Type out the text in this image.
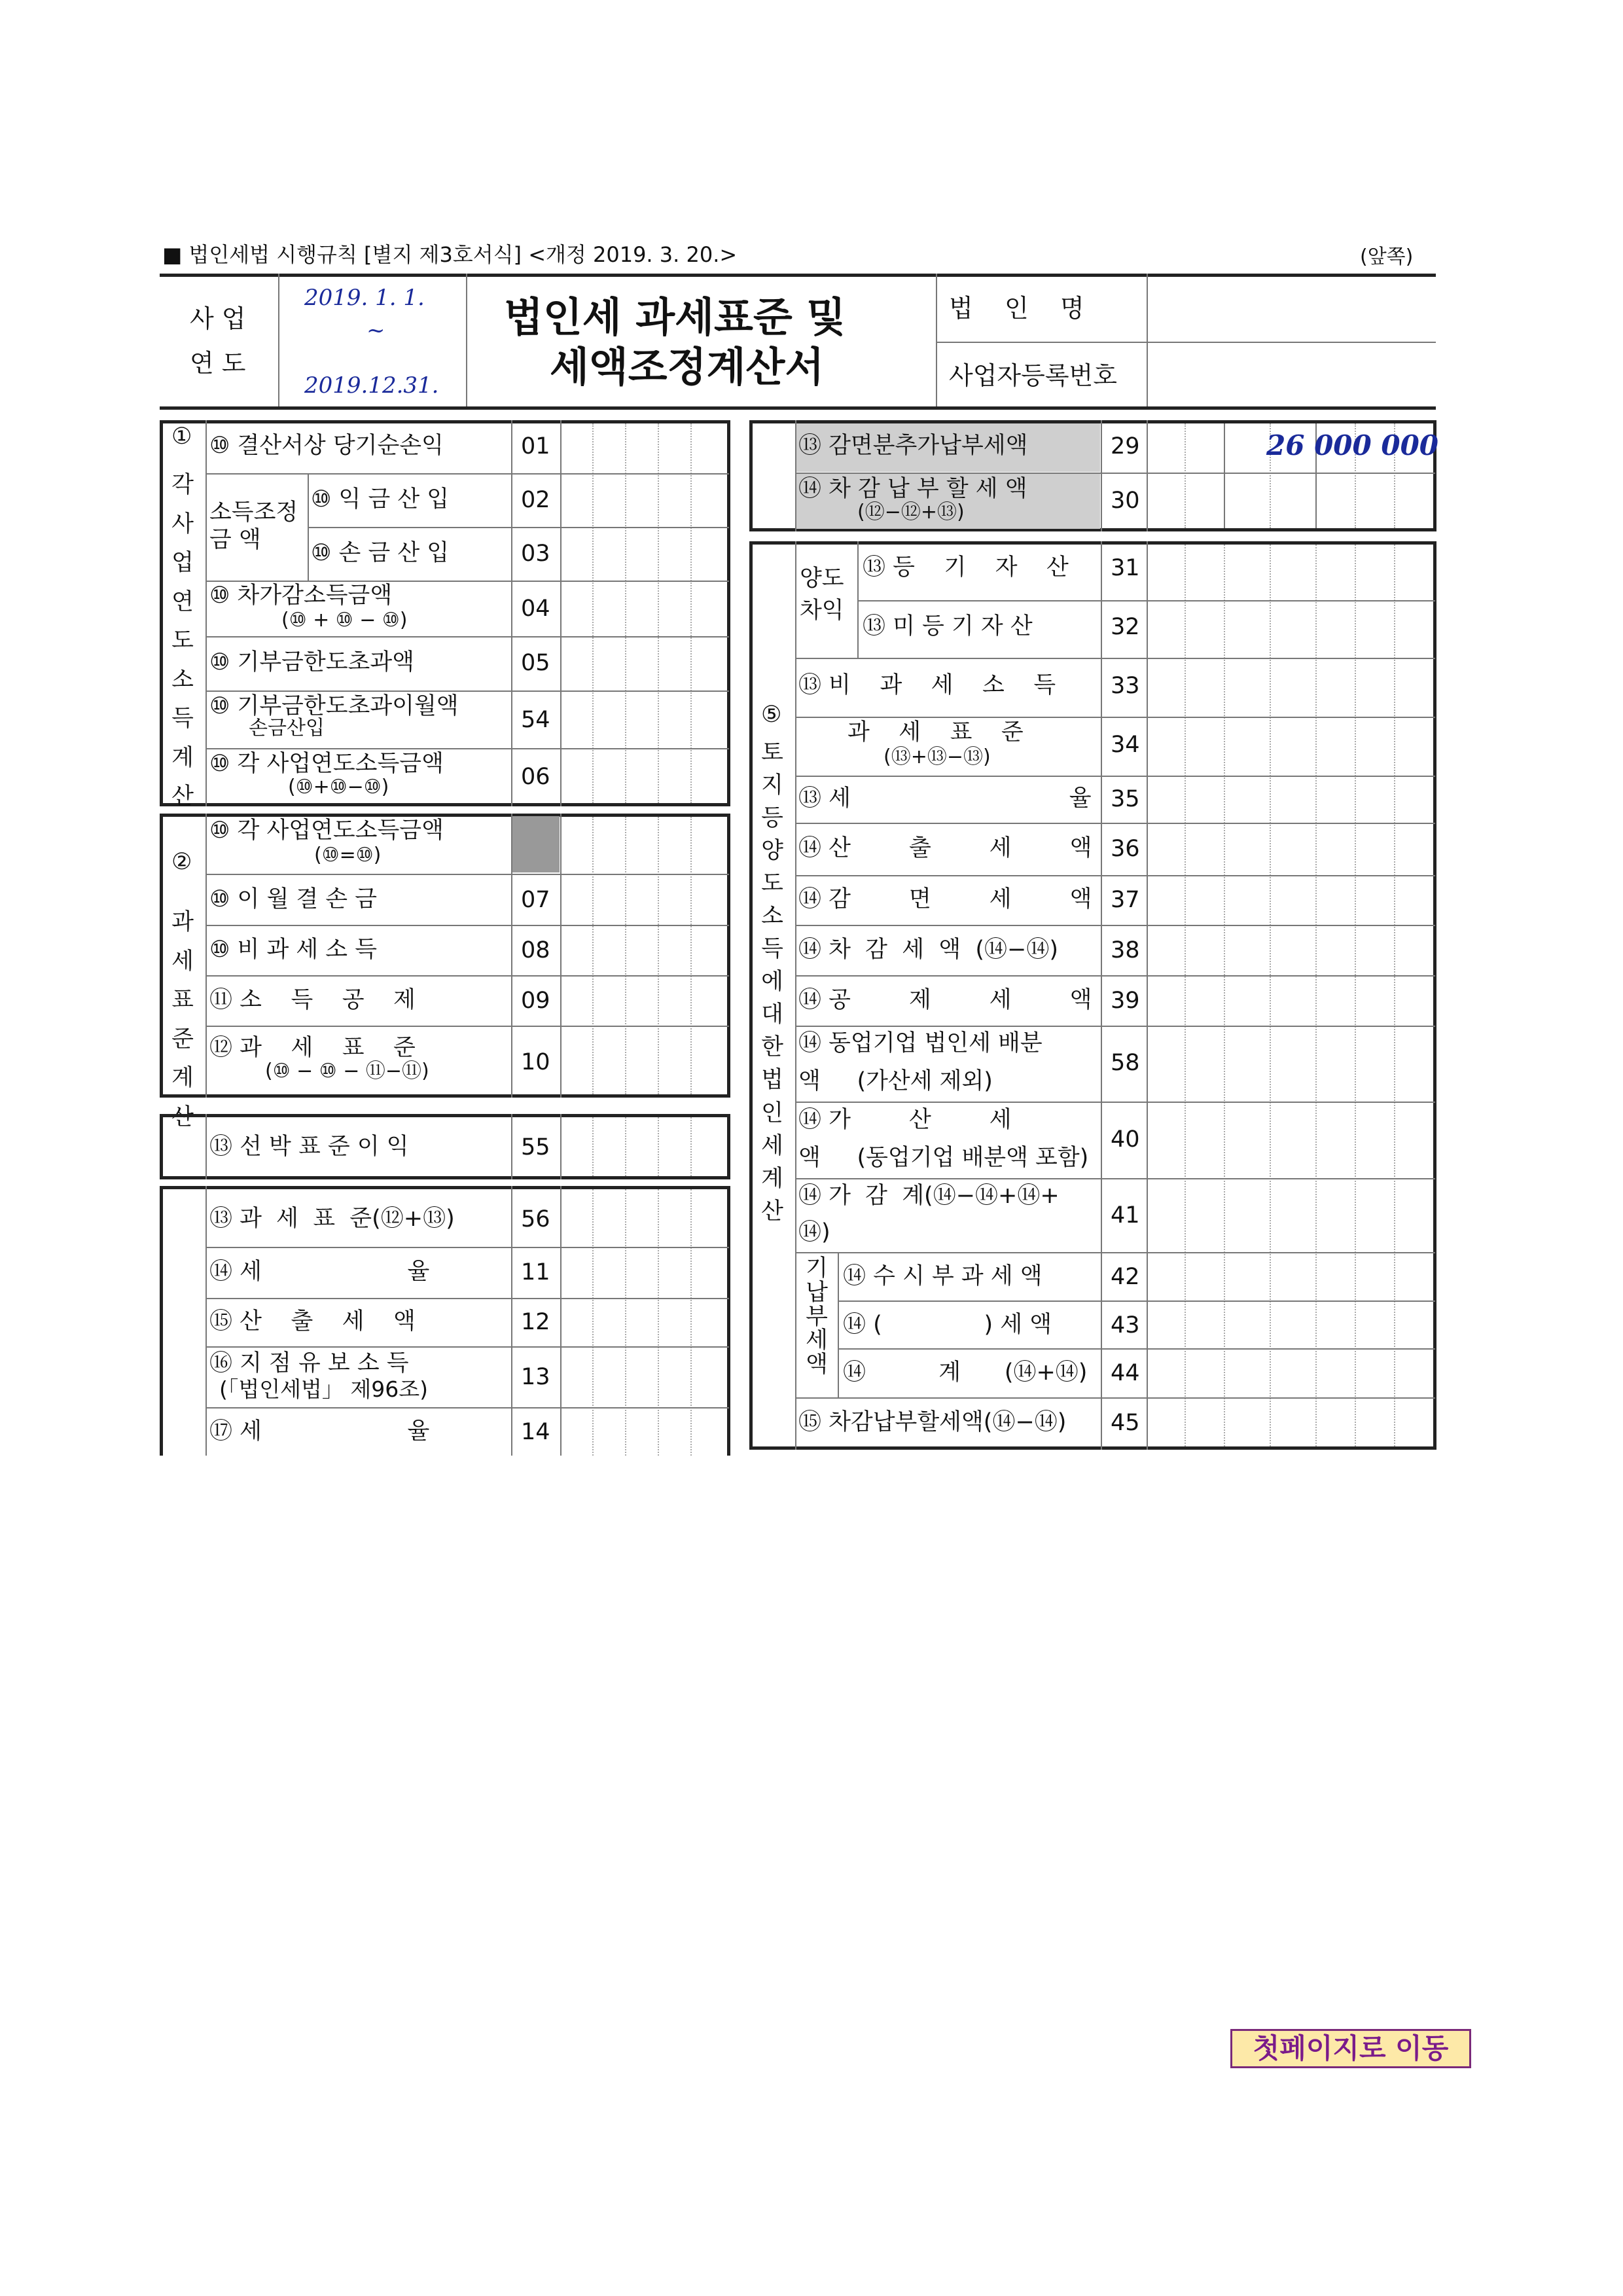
■ 법인세법 시행규칙 [별지 제3호서식] <개정 2019. 3. 20.>	(앞쪽)
사 업
연 도
2019. 1. 1.
~
2019.12.31.
법인세 과세표준 및
세액조정계산서
법    인    명
사업자등록번호
①
각사업연도소득계산
⑩ 결산서상 당기순손익	01
소득조정 금 액
⑩ 익 금 산 입	02
⑩ 손 금 산 입	03
⑩ 차가감소득금액
(⑩ + ⑩ − ⑩)	04
⑩ 기부금한도초과액	05
⑩ 기부금한도초과이월액
손금산입	54
⑩ 각 사업연도소득금액
(⑩+⑩−⑩)	06
②
과세표준계산
⑩ 각 사업연도소득금액
(⑩=⑩)
⑩ 이 월 결 손 금	07
⑩ 비 과 세 소 득	08
⑪ 소    득    공    제	09
⑫ 과    세    표    준
(⑩ − ⑩ − ⑪−⑪)	10
⑬ 선 박 표 준 이 익	55
⑬ 과  세  표  준(⑫+⑬)	56
⑭ 세                    율	11
⑮ 산    출    세    액	12
⑯ 지 점 유 보 소 득
(「법인세법」 제96조)	13
⑰ 세                    율	14
⑬ 감면분추가납부세액	29	26 000 000
⑭ 차 감 납 부 할 세 액
(⑫−⑫+⑬)	30
⑤
토지등양도소득에대한법인세계산
양도 차익
기납부세액
⑬ 등    기    자    산 31
⑬ 미 등 기 자 산	32
⑬ 비    과    세    소    득 33
과    세    표    준
(⑬+⑬−⑬)	34
⑬ 세                              율 35
⑭ 산        출        세        액 36
⑭ 감        면        세        액 37
⑭ 차  감  세  액  (⑭−⑭) 38
⑭ 공        제        세        액 39
⑭ 동업기업 법인세 배분
액     (가산세 제외)
58
⑭ 가        산        세
액     (동업기업 배분액 포함)
40
⑭ 가  감  계(⑭−⑭+⑭+
⑭)
41
⑭ 수 시 부 과 세 액	42
⑭ (              ) 세 액	43
⑭          계      (⑭+⑭) 44
⑮ 차감납부할세액(⑭−⑭) 45
첫페이지로 이동
